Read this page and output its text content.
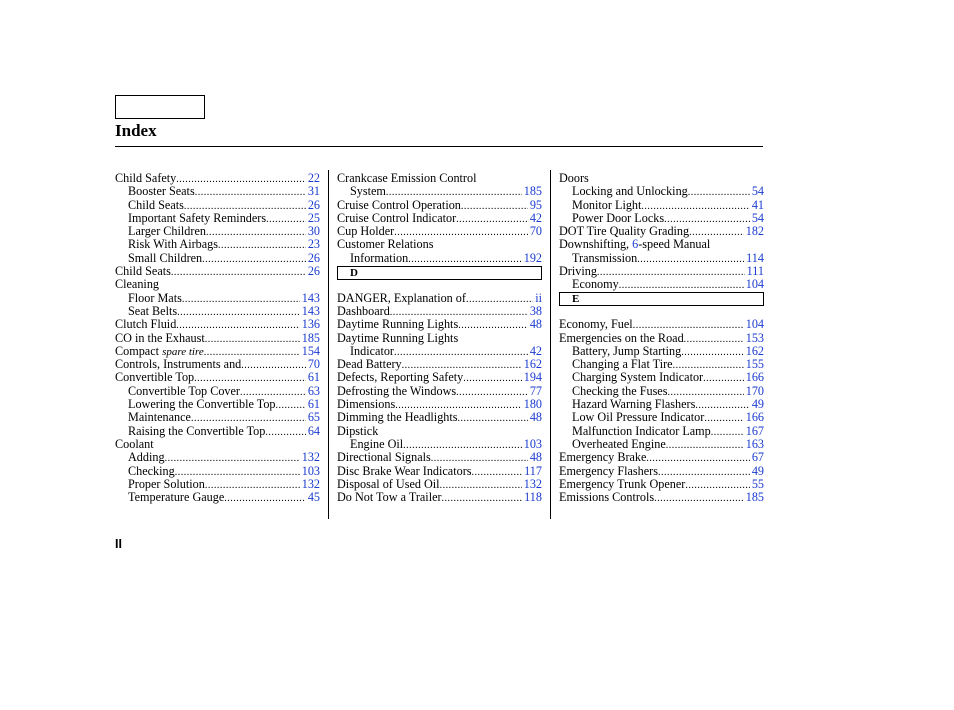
Index
Child Safety .....	22
Booster Seats .....	31
Child Seats .....	26
Important Safety Reminders .....	25
Larger Children .....	30
Risk With Airbags .....	23
Small Children .....	26
Child Seats .....	26
Cleaning
Floor Mats .....	143
Seat Belts .....	143
Clutch Fluid .....	136
CO in the Exhaust .....	185
Compact spare tire .....	154
Controls, Instruments and .....	70
Convertible Top .....	61
Convertible Top Cover .....	63
Lowering the Convertible Top .....	61
Maintenance .....	65
Raising the Convertible Top .....	64
Coolant
Adding .....	132
Checking .....	103
Proper Solution .....	132
Temperature Gauge .....	45
Crankcase Emission Control
System .....	185
Cruise Control Operation .....	95
Cruise Control Indicator .....	42
Cup Holder .....	70
Customer Relations
Information .....	192
D
DANGER, Explanation of .....	ii
Dashboard .....	38
Daytime Running Lights .....	48
Daytime Running Lights
Indicator .....	42
Dead Battery .....	162
Defects, Reporting Safety .....	194
Defrosting the Windows .....	77
Dimensions .....	180
Dimming the Headlights .....	48
Dipstick
Engine Oil .....	103
Directional Signals .....	48
Disc Brake Wear Indicators .....	117
Disposal of Used Oil .....	132
Do Not Tow a Trailer .....	118
Doors
Locking and Unlocking .....	54
Monitor Light .....	41
Power Door Locks .....	54
DOT Tire Quality Grading .....	182
Downshifting, 6-speed Manual
Transmission .....	114
Driving .....	111
Economy .....	104
E
Economy, Fuel .....	104
Emergencies on the Road .....	153
Battery, Jump Starting .....	162
Changing a Flat Tire .....	155
Charging System Indicator .....	166
Checking the Fuses .....	170
Hazard Warning Flashers .....	49
Low Oil Pressure Indicator .....	166
Malfunction Indicator Lamp .....	167
Overheated Engine .....	163
Emergency Brake .....	67
Emergency Flashers .....	49
Emergency Trunk Opener .....	55
Emissions Controls .....	185
II
